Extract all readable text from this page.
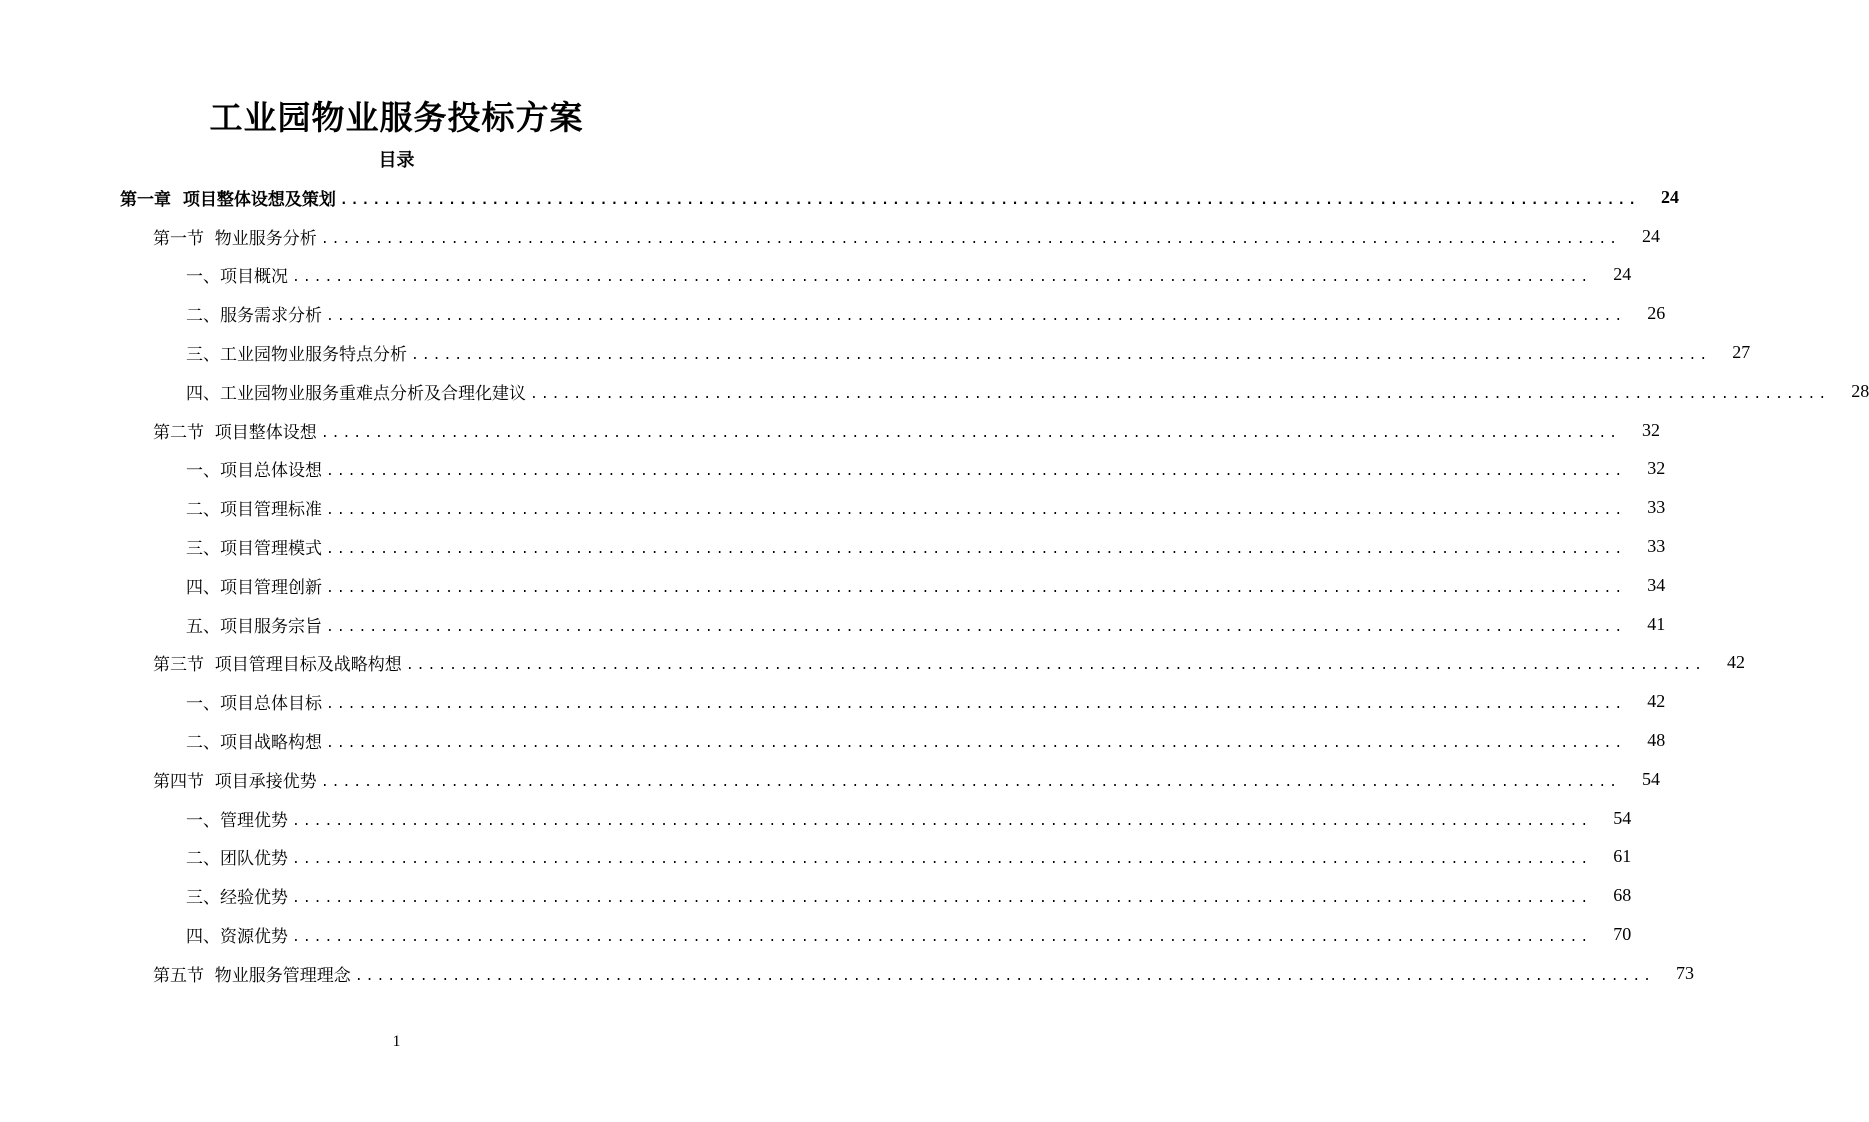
工业园物业服务投标方案
目录
第一章  项目整体设想及策划 ........................................................................................................................	24
第一节  物业服务分析 ........................................................................................................................	24
一、项目概况 ........................................................................................................................	24
二、服务需求分析 ........................................................................................................................	26
三、工业园物业服务特点分析 ........................................................................................................................	27
四、工业园物业服务重难点分析及合理化建议 ........................................................................................................................	28
第二节  项目整体设想 ........................................................................................................................	32
一、项目总体设想 ........................................................................................................................	32
二、项目管理标准 ........................................................................................................................	33
三、项目管理模式 ........................................................................................................................	33
四、项目管理创新 ........................................................................................................................	34
五、项目服务宗旨 ........................................................................................................................	41
第三节  项目管理目标及战略构想 ........................................................................................................................	42
一、项目总体目标 ........................................................................................................................	42
二、项目战略构想 ........................................................................................................................	48
第四节  项目承接优势 ........................................................................................................................	54
一、管理优势 ........................................................................................................................	54
二、团队优势 ........................................................................................................................	61
三、经验优势 ........................................................................................................................	68
四、资源优势 ........................................................................................................................	70
第五节  物业服务管理理念 ........................................................................................................................	73
1
